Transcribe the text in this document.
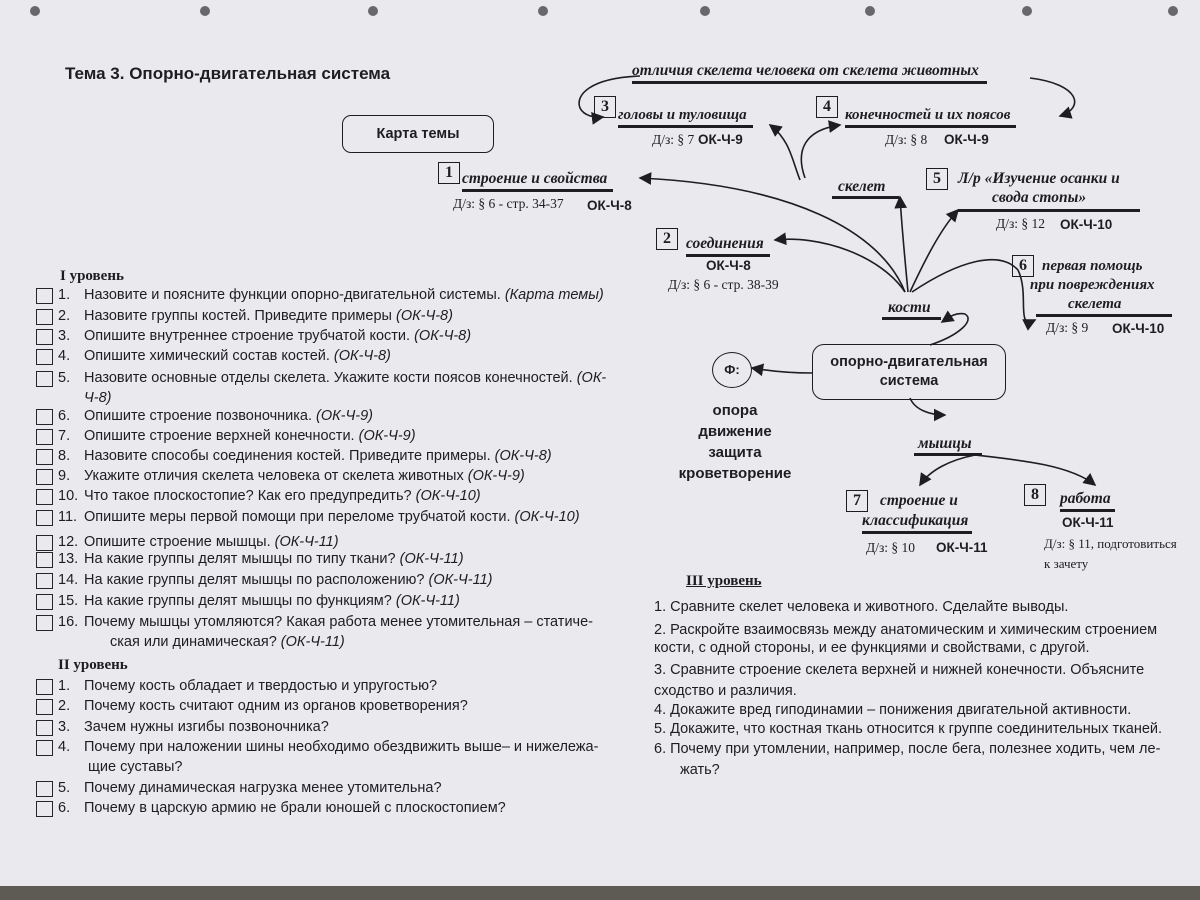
Тема 3. Опорно-двигательная система
Карта темы
отличия скелета человека от скелета животных
3 головы и туловища
Д/з: § 7 ОК-Ч-9
4 конечностей и их поясов
Д/з: § 8 ОК-Ч-9
1 строение и свойства
Д/з: § 6 - стр. 34-37 ОК-Ч-8
скелет	5	Л/р «Изучение осанки и
свода стопы»
Д/з: § 12 ОК-Ч-10
2 соединения
ОК-Ч-8
Д/з: § 6 - стр. 38-39
6	первая помощь
при повреждениях
скелета
Д/з: § 9 ОК-Ч-10
кости
опорно-двигательная
система
Ф:
опора
движение
защита
кроветворение
мышцы
7	строение и
классификация
Д/з: § 10 ОК-Ч-11
8	работа
ОК-Ч-11
Д/з: § 11, подготовиться
к зачету
I уровень
1. Назовите и поясните функции опорно-двигательной системы. (Карта темы)
2. Назовите группы костей. Приведите примеры (ОК-Ч-8)
3. Опишите внутреннее строение трубчатой кости. (ОК-Ч-8)
4. Опишите химический состав костей. (ОК-Ч-8)
5. Назовите основные отделы скелета. Укажите кости поясов конечностей. (ОК-
Ч-8)
6. Опишите строение позвоночника. (ОК-Ч-9)
7. Опишите строение верхней конечности. (ОК-Ч-9)
8. Назовите способы соединения костей. Приведите примеры. (ОК-Ч-8)
9. Укажите отличия скелета человека от скелета животных (ОК-Ч-9)
10. Что такое плоскостопие? Как его предупредить? (ОК-Ч-10)
11. Опишите меры первой помощи при переломе трубчатой кости. (ОК-Ч-10)
12. Опишите строение мышцы. (ОК-Ч-11)
13. На какие группы делят мышцы по типу ткани? (ОК-Ч-11)
14. На какие группы делят мышцы по расположению? (ОК-Ч-11)
15. На какие группы делят мышцы по функциям? (ОК-Ч-11)
16. Почему мышцы утомляются? Какая работа менее утомительная – статиче-
ская или динамическая? (ОК-Ч-11)
II уровень
1. Почему кость обладает и твердостью и упругостью?
2. Почему кость считают одним из органов кроветворения?
3. Зачем нужны изгибы позвоночника?
4. Почему при наложении шины необходимо обездвижить выше– и нижележа-
щие суставы?
5. Почему динамическая нагрузка менее утомительна?
6. Почему в царскую армию не брали юношей с плоскостопием?
III уровень
1. Сравните скелет человека и животного. Сделайте выводы.
2. Раскройте взаимосвязь между анатомическим и химическим строением
кости, с одной стороны, и ее функциями и свойствами, с другой.
3. Сравните строение скелета верхней и нижней конечности. Объясните
сходство и различия.
4. Докажите вред гиподинамии – понижения двигательной активности.
5. Докажите, что костная ткань относится к группе соединительных тканей.
6. Почему при утомлении, например, после бега, полезнее ходить, чем ле-
жать?
